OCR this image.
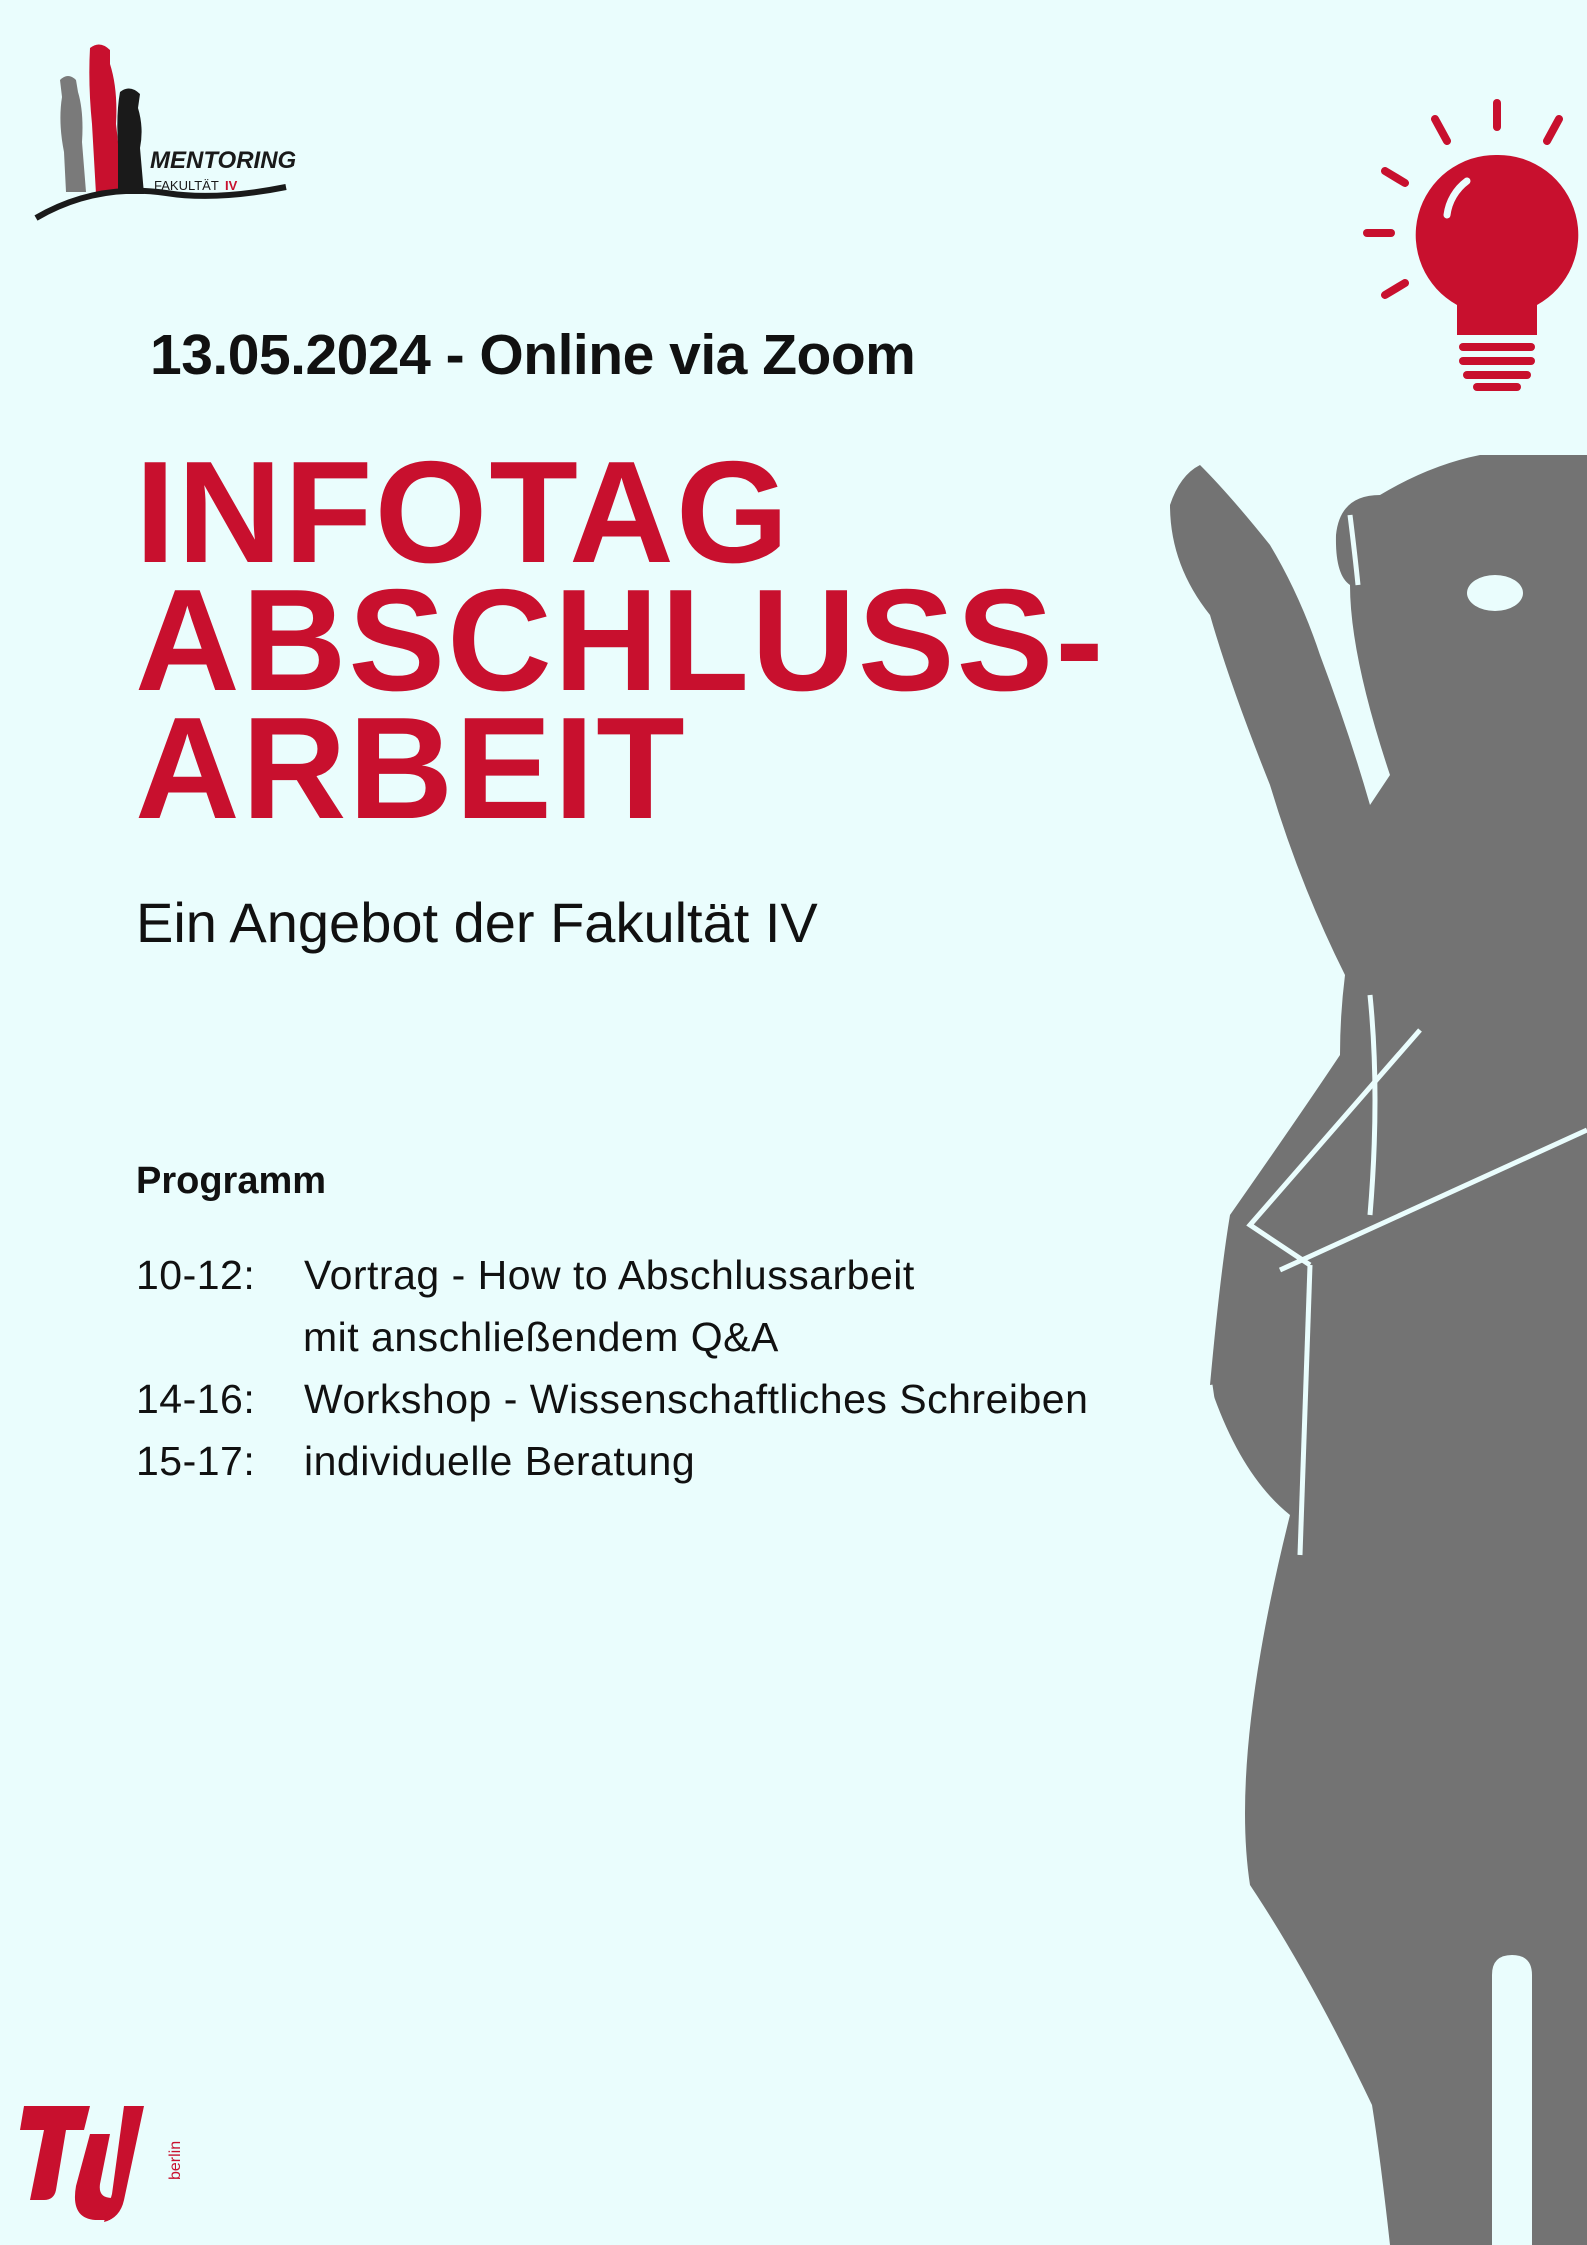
MENTORING
FAKULTÄT IV
13.05.2024 - Online via Zoom
INFOTAG
ABSCHLUSS-
ARBEIT
Ein Angebot der Fakultät IV
Programm
10-12: Vortrag - How to Abschlussarbeit
mit anschließendem Q&A
14-16: Workshop - Wissenschaftliches Schreiben
15-17: individuelle Beratung
berlin
